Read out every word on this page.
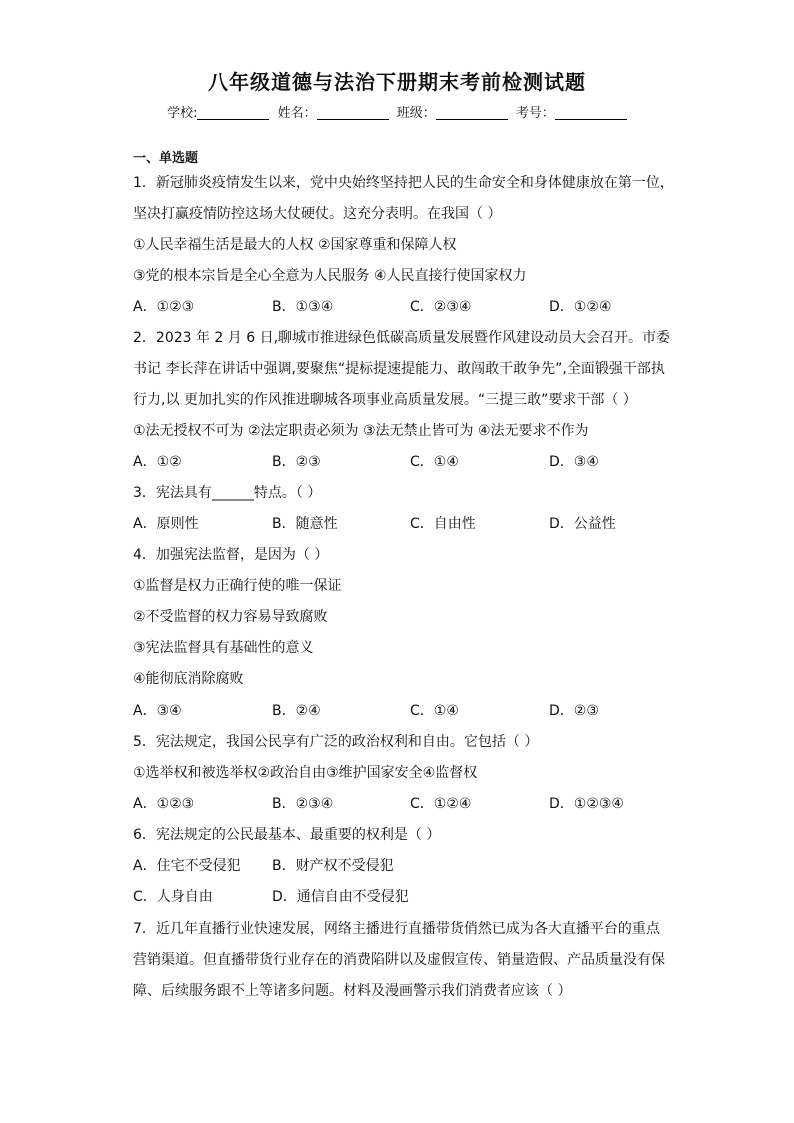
八年级道德与法治下册期末考前检测试题
学校:	姓名：	班级：	考号：
一、单选题
1．新冠肺炎疫情发生以来，党中央始终坚持把人民的生命安全和身体健康放在第一位，
坚决打赢疫情防控这场大仗硬仗。这充分表明。在我国（ ）
①人民幸福生活是最大的人权 ②国家尊重和保障人权
③党的根本宗旨是全心全意为人民服务 ④人民直接行使国家权力
A．①②③	B．①③④	C．②③④	D．①②④
2．2023 年 2 月 6 日,聊城市推进绿色低碳高质量发展暨作风建设动员大会召开。市委
书记 李长萍在讲话中强调,要聚焦“提标提速提能力、敢闯敢干敢争先”,全面锻强干部执
行力,以 更加扎实的作风推进聊城各项事业高质量发展。“三提三敢”要求干部（ ）
①法无授权不可为 ②法定职责必须为 ③法无禁止皆可为 ④法无要求不作为
A．①②	B．②③	C．①④	D．③④
3．宪法具有______特点。（ ）
A．原则性	B．随意性	C．自由性	D．公益性
4．加强宪法监督，是因为（ ）
①监督是权力正确行使的唯一保证
②不受监督的权力容易导致腐败
③宪法监督具有基础性的意义
④能彻底消除腐败
A．③④	B．②④	C．①④	D．②③
5．宪法规定，我国公民享有广泛的政治权利和自由。它包括（ ）
①选举权和被选举权②政治自由③维护国家安全④监督权
A．①②③	B．②③④	C．①②④	D．①②③④
6．宪法规定的公民最基本、最重要的权利是（ ）
A．住宅不受侵犯 B．财产权不受侵犯
C．人身自由	D．通信自由不受侵犯
7．近几年直播行业快速发展，网络主播进行直播带货俏然已成为各大直播平台的重点
营销渠道。但直播带货行业存在的消费陷阱以及虚假宣传、销量造假、产品质量没有保
障、后续服务跟不上等诸多问题。材料及漫画警示我们消费者应该（ ）
